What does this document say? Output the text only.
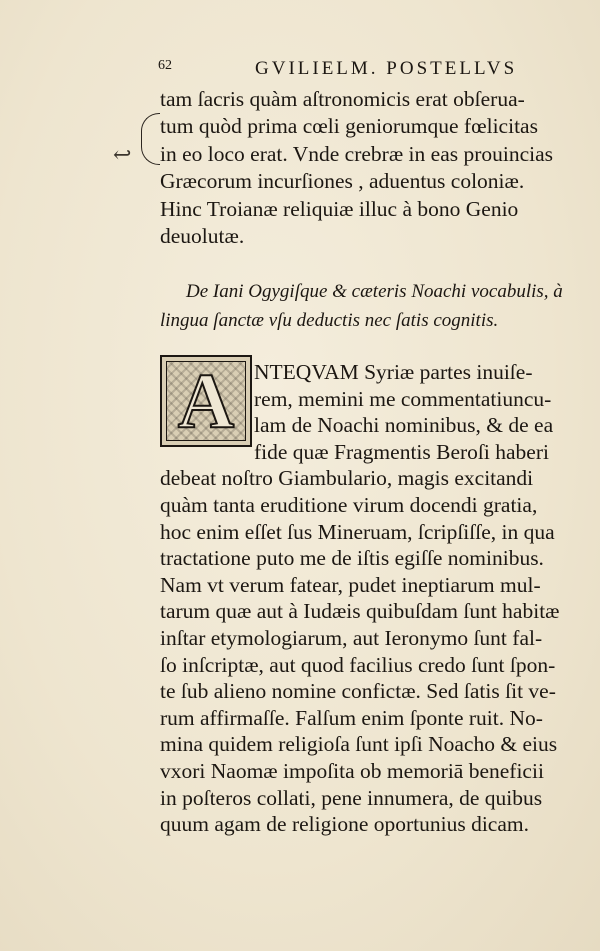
62	GVILIELM. POSTELLVS
↩
tam ſacris quàm aſtronomicis erat obſerua-
tum quòd prima cœli geniorumque fœlicitas
in eo loco erat. Vnde crebræ in eas prouincias
Græcorum incurſiones , aduentus coloniæ.
Hinc Troianæ reliquiæ illuc à bono Genio
deuolutæ.
De Iani Ogygiſque & cæteris Noachi vocabulis, à
lingua ſanctæ vſu deductis nec ſatis cognitis.
A NTEQVAM Syriæ partes inuiſe-
rem, memini me commentatiuncu-
lam de Noachi nominibus, & de ea
fide quæ Fragmentis Beroſi haberi
debeat noſtro Giambulario, magis excitandi
quàm tanta eruditione virum docendi gratia,
hoc enim eſſet ſus Mineruam, ſcripſiſſe, in qua
tractatione puto me de iſtis egiſſe nominibus.
Nam vt verum fatear, pudet ineptiarum mul-
tarum quæ aut à Iudæis quibuſdam ſunt habitæ
inſtar etymologiarum, aut Ieronymo ſunt fal-
ſo inſcriptæ, aut quod facilius credo ſunt ſpon-
te ſub alieno nomine confictæ. Sed ſatis ſit ve-
rum affirmaſſe. Falſum enim ſponte ruit. No-
mina quidem religioſa ſunt ipſi Noacho & eius
vxori Naomæ impoſita ob memoriā beneficii
in poſteros collati, pene innumera, de quibus
quum agam de religione oportunius dicam.
